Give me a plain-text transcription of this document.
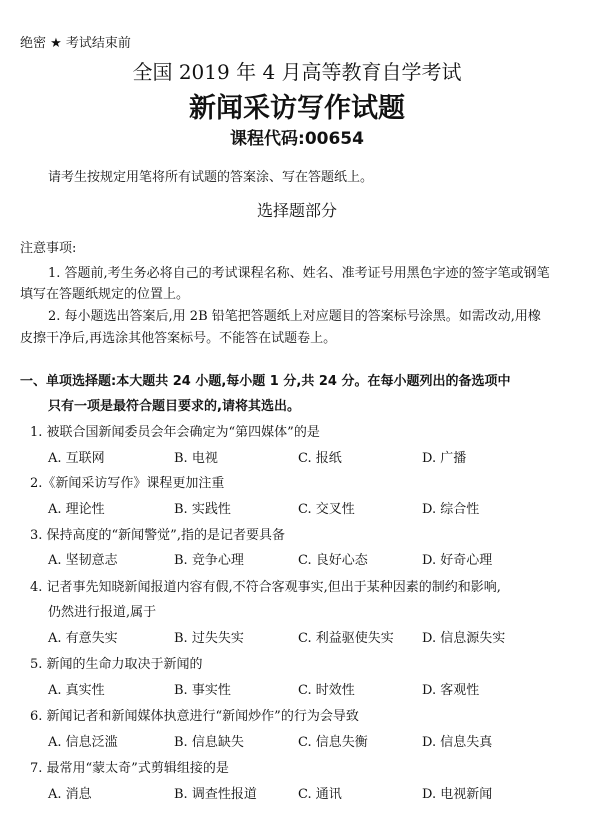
绝密 ★ 考试结束前
全国 2019 年 4 月高等教育自学考试
新闻采访写作试题
课程代码:00654
请考生按规定用笔将所有试题的答案涂、写在答题纸上。
选择题部分
注意事项:
1. 答题前,考生务必将自己的考试课程名称、姓名、准考证号用黑色字迹的签字笔或钢笔
填写在答题纸规定的位置上。
2. 每小题选出答案后,用 2B 铅笔把答题纸上对应题目的答案标号涂黑。如需改动,用橡
皮擦干净后,再选涂其他答案标号。不能答在试题卷上。
一、单项选择题:本大题共 24 小题,每小题 1 分,共 24 分。在每小题列出的备选项中
只有一项是最符合题目要求的,请将其选出。
1. 被联合国新闻委员会年会确定为“第四媒体”的是
A. 互联网	B. 电视	C. 报纸	D. 广播
2.《新闻采访写作》课程更加注重
A. 理论性	B. 实践性	C. 交叉性	D. 综合性
3. 保持高度的“新闻警觉”,指的是记者要具备
A. 坚韧意志	B. 竞争心理	C. 良好心态	D. 好奇心理
4. 记者事先知晓新闻报道内容有假,不符合客观事实,但出于某种因素的制约和影响,
仍然进行报道,属于
A. 有意失实	B. 过失失实	C. 利益驱使失实 D. 信息源失实
5. 新闻的生命力取决于新闻的
A. 真实性	B. 事实性	C. 时效性	D. 客观性
6. 新闻记者和新闻媒体执意进行“新闻炒作”的行为会导致
A. 信息泛滥	B. 信息缺失	C. 信息失衡	D. 信息失真
7. 最常用“蒙太奇”式剪辑组接的是
A. 消息	B. 调查性报道	C. 通讯	D. 电视新闻
